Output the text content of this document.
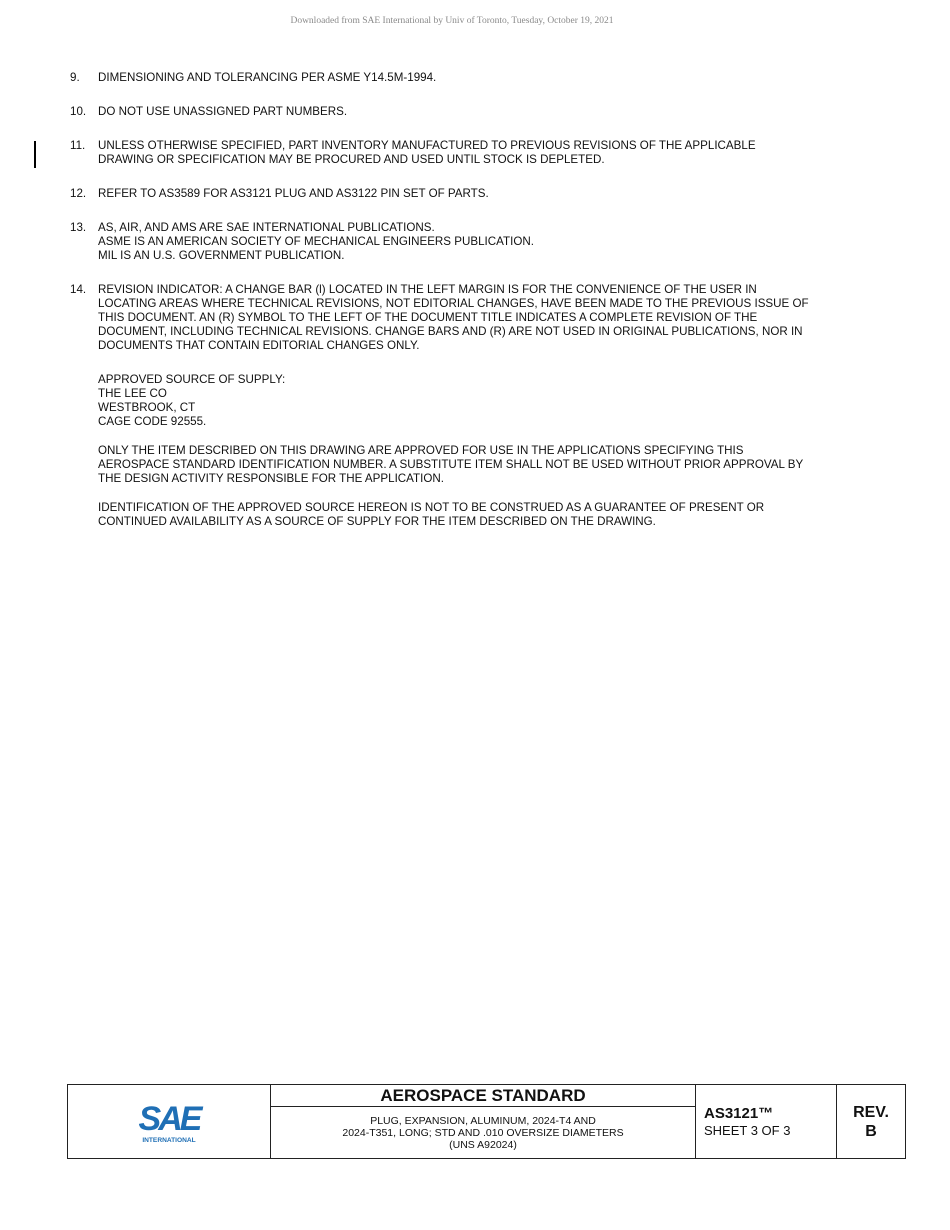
Downloaded from SAE International by Univ of Toronto, Tuesday, October 19, 2021
9.	DIMENSIONING AND TOLERANCING PER ASME Y14.5M-1994.
10.	DO NOT USE UNASSIGNED PART NUMBERS.
11.	UNLESS OTHERWISE SPECIFIED, PART INVENTORY MANUFACTURED TO PREVIOUS REVISIONS OF THE APPLICABLE
DRAWING OR SPECIFICATION MAY BE PROCURED AND USED UNTIL STOCK IS DEPLETED.
12.	REFER TO AS3589 FOR AS3121 PLUG AND AS3122 PIN SET OF PARTS.
13.	AS, AIR, AND AMS ARE SAE INTERNATIONAL PUBLICATIONS.
ASME IS AN AMERICAN SOCIETY OF MECHANICAL ENGINEERS PUBLICATION.
MIL IS AN U.S. GOVERNMENT PUBLICATION.
14.	REVISION INDICATOR: A CHANGE BAR (l) LOCATED IN THE LEFT MARGIN IS FOR THE CONVENIENCE OF THE USER IN
LOCATING AREAS WHERE TECHNICAL REVISIONS, NOT EDITORIAL CHANGES, HAVE BEEN MADE TO THE PREVIOUS ISSUE OF
THIS DOCUMENT. AN (R) SYMBOL TO THE LEFT OF THE DOCUMENT TITLE INDICATES A COMPLETE REVISION OF THE
DOCUMENT, INCLUDING TECHNICAL REVISIONS. CHANGE BARS AND (R) ARE NOT USED IN ORIGINAL PUBLICATIONS, NOR IN
DOCUMENTS THAT CONTAIN EDITORIAL CHANGES ONLY.
APPROVED SOURCE OF SUPPLY:
THE LEE CO
WESTBROOK, CT
CAGE CODE 92555.
ONLY THE ITEM DESCRIBED ON THIS DRAWING ARE APPROVED FOR USE IN THE APPLICATIONS SPECIFYING THIS
AEROSPACE STANDARD IDENTIFICATION NUMBER. A SUBSTITUTE ITEM SHALL NOT BE USED WITHOUT PRIOR APPROVAL BY
THE DESIGN ACTIVITY RESPONSIBLE FOR THE APPLICATION.
IDENTIFICATION OF THE APPROVED SOURCE HEREON IS NOT TO BE CONSTRUED AS A GUARANTEE OF PRESENT OR
CONTINUED AVAILABILITY AS A SOURCE OF SUPPLY FOR THE ITEM DESCRIBED ON THE DRAWING.
SAE
INTERNATIONAL
AEROSPACE STANDARD
PLUG, EXPANSION, ALUMINUM, 2024-T4 AND
2024-T351, LONG; STD AND .010 OVERSIZE DIAMETERS
(UNS A92024)
AS3121™
SHEET 3 OF 3
REV.
B
